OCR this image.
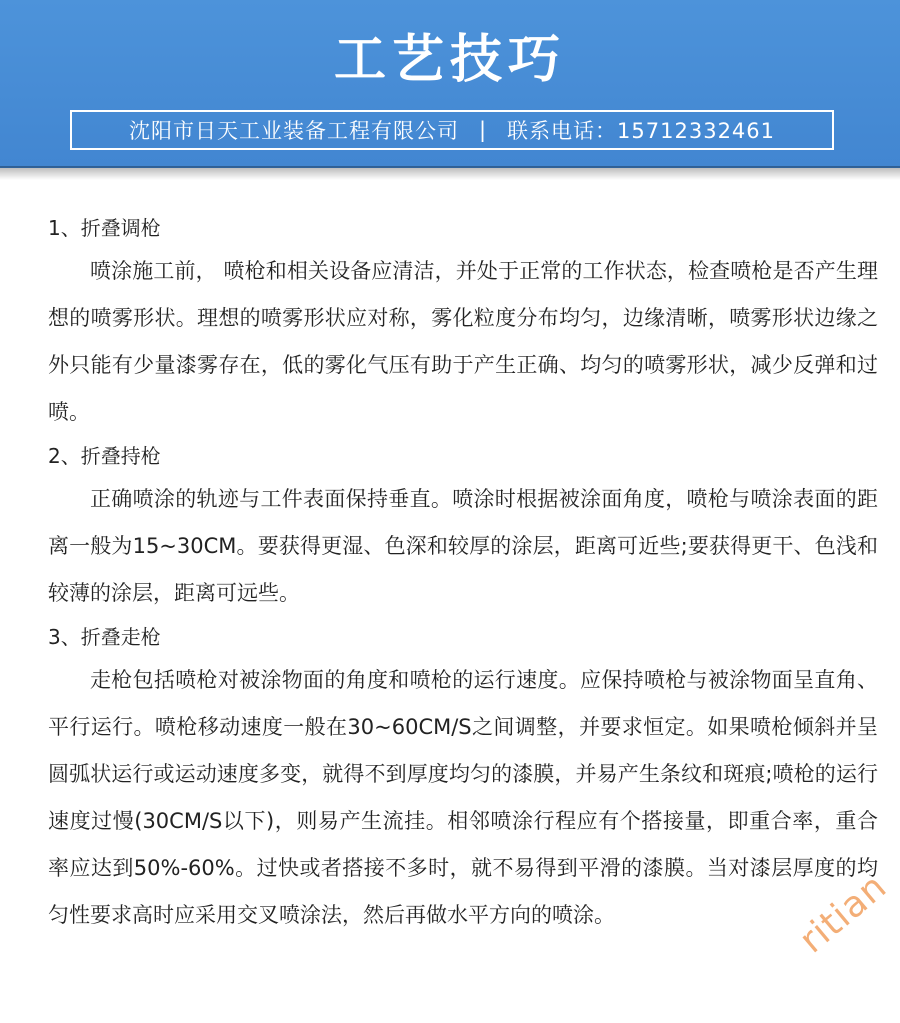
工艺技巧
沈阳市日天工业装备工程有限公司 | 联系电话：15712332461

1、折叠调枪

喷涂施工前， 喷枪和相关设备应清洁，并处于正常的工作状态，检查喷枪是否产生理想的喷雾形状。理想的喷雾形状应对称，雾化粒度分布均匀，边缘清晰，喷雾形状边缘之外只能有少量漆雾存在，低的雾化气压有助于产生正确、均匀的喷雾形状，减少反弹和过喷。

2、折叠持枪

正确喷涂的轨迹与工件表面保持垂直。喷涂时根据被涂面角度，喷枪与喷涂表面的距离一般为15~30CM。要获得更湿、色深和较厚的涂层，距离可近些;要获得更干、色浅和较薄的涂层，距离可远些。

3、折叠走枪

走枪包括喷枪对被涂物面的角度和喷枪的运行速度。应保持喷枪与被涂物面呈直角、平行运行。喷枪移动速度一般在30~60CM/S之间调整，并要求恒定。如果喷枪倾斜并呈圆弧状运行或运动速度多变，就得不到厚度均匀的漆膜，并易产生条纹和斑痕;喷枪的运行速度过慢(30CM/S以下)，则易产生流挂。相邻喷涂行程应有个搭接量，即重合率，重合率应达到50%-60%。过快或者搭接不多时，就不易得到平滑的漆膜。当对漆层厚度的均匀性要求高时应采用交叉喷涂法，然后再做水平方向的喷涂。	ritian
